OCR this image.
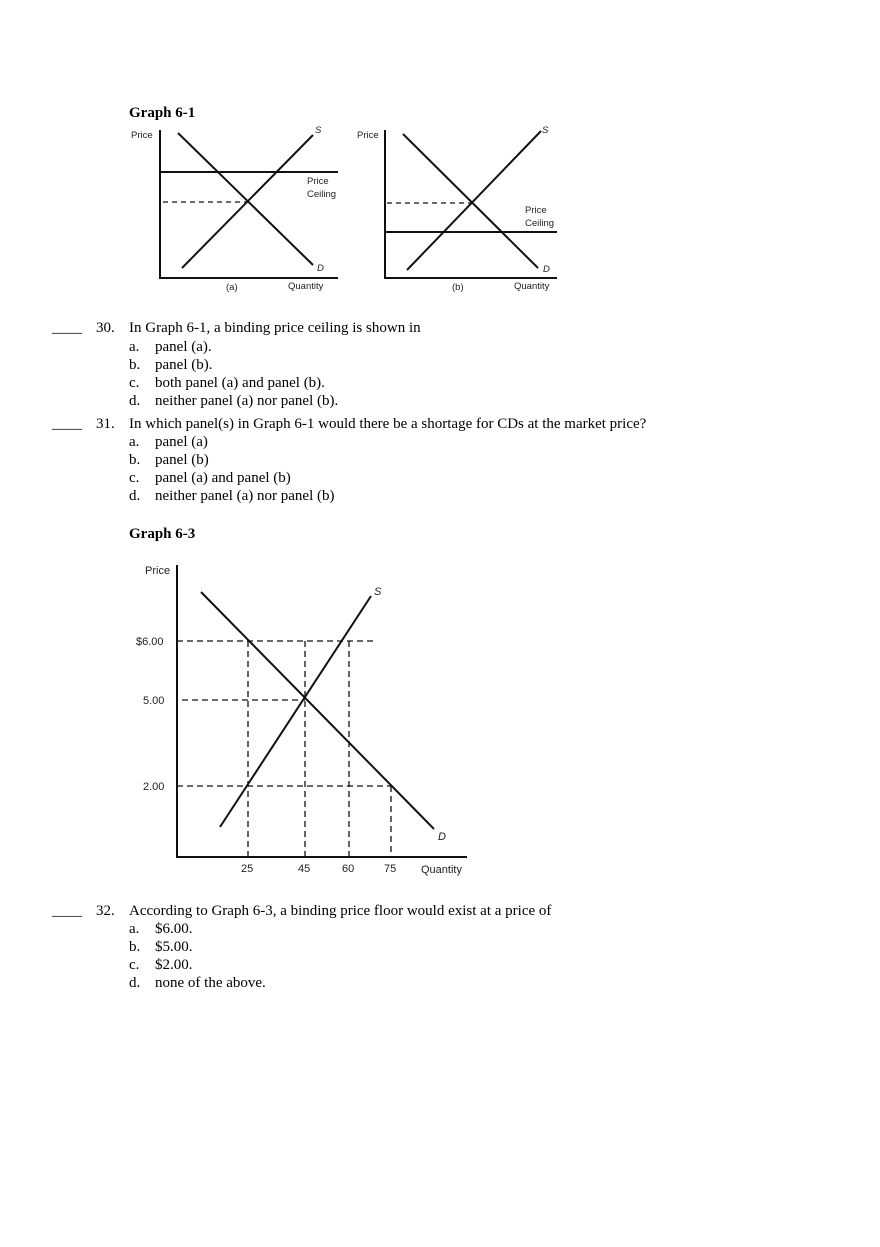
Graph 6-1
Price	S
Price
Ceiling
D
(a)	Quantity
Price	S
Price
Ceiling
D
(b)	Quantity
Price
S
D
$6.00
5.00
2.00
25	45	60	75 Quantity
____ 30. In Graph 6-1, a binding price ceiling is shown in
a. panel (a).
b. panel (b).
c. both panel (a) and panel (b).
d. neither panel (a) nor panel (b).
____ 31. In which panel(s) in Graph 6-1 would there be a shortage for CDs at the market price?
a. panel (a)
b. panel (b)
c. panel (a) and panel (b)
d. neither panel (a) nor panel (b)
Graph 6-3
____ 32. According to Graph 6-3, a binding price floor would exist at a price of
a. $6.00.
b. $5.00.
c. $2.00.
d. none of the above.
